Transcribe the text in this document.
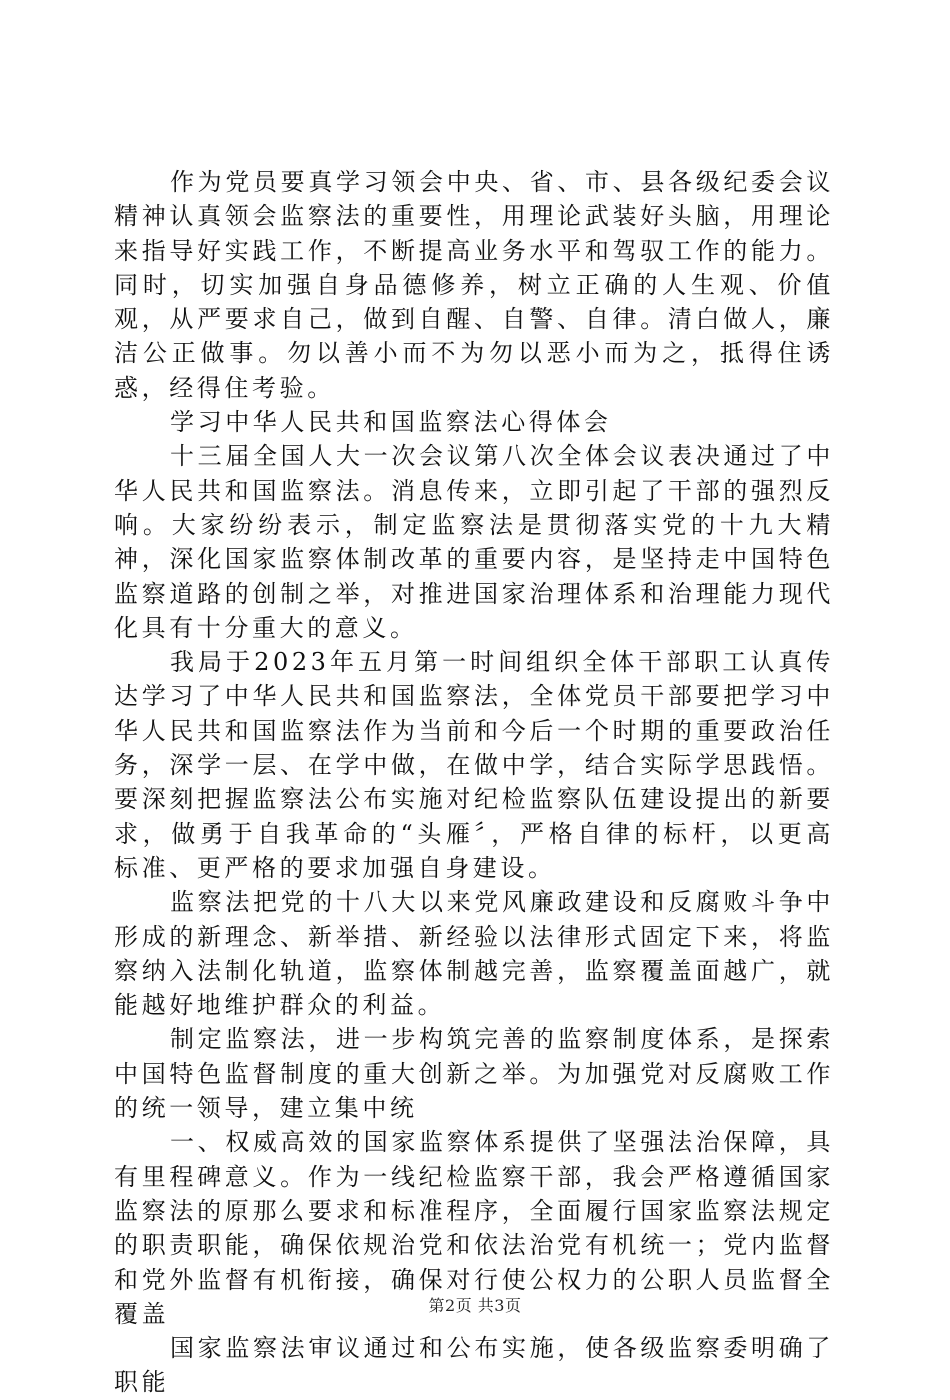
作为党员要真学习领会中央、省、市、县各级纪委会议精神认真领会监察法的重要性，用理论武装好头脑，用理论来指导好实践工作，不断提高业务水平和驾驭工作的能力。同时，切实加强自身品德修养，树立正确的人生观、价值观，从严要求自己，做到自醒、自警、自律。清白做人，廉洁公正做事。勿以善小而不为勿以恶小而为之，抵得住诱惑，经得住考验。

学习中华人民共和国监察法心得体会

十三届全国人大一次会议第八次全体会议表决通过了中华人民共和国监察法。消息传来，立即引起了干部的强烈反响。大家纷纷表示，制定监察法是贯彻落实党的十九大精神，深化国家监察体制改革的重要内容，是坚持走中国特色监察道路的创制之举，对推进国家治理体系和治理能力现代化具有十分重大的意义。

我局于2023年五月第一时间组织全体干部职工认真传达学习了中华人民共和国监察法，全体党员干部要把学习中华人民共和国监察法作为当前和今后一个时期的重要政治任务，深学一层、在学中做，在做中学，结合实际学思践悟。要深刻把握监察法公布实施对纪检监察队伍建设提出的新要求，做勇于自我革命的“头雁〞，严格自律的标杆，以更高标准、更严格的要求加强自身建设。

监察法把党的十八大以来党风廉政建设和反腐败斗争中形成的新理念、新举措、新经验以法律形式固定下来，将监察纳入法制化轨道，监察体制越完善，监察覆盖面越广，就能越好地维护群众的利益。

制定监察法，进一步构筑完善的监察制度体系，是探索中国特色监督制度的重大创新之举。为加强党对反腐败工作的统一领导，建立集中统

一、权威高效的国家监察体系提供了坚强法治保障，具有里程碑意义。作为一线纪检监察干部，我会严格遵循国家监察法的原那么要求和标准程序，全面履行国家监察法规定的职责职能，确保依规治党和依法治党有机统一；党内监督和党外监督有机衔接，确保对行使公权力的公职人员监督全覆盖

国家监察法审议通过和公布实施，使各级监察委明确了职能

第2页 共3页
